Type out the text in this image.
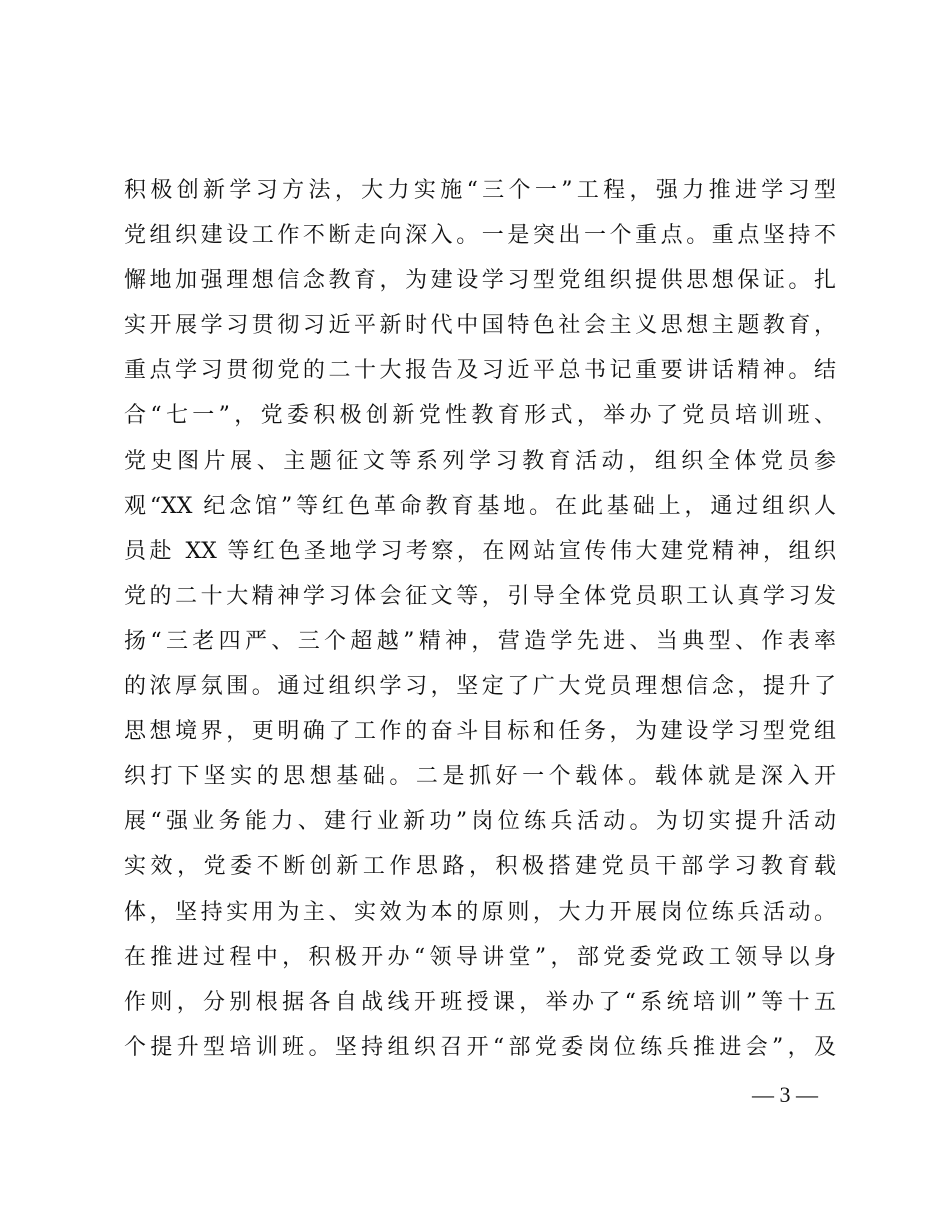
积极创新学习方法，大力实施“三个一”工程，强力推进学习型
党组织建设工作不断走向深入。一是突出一个重点。重点坚持不
懈地加强理想信念教育，为建设学习型党组织提供思想保证。扎
实开展学习贯彻习近平新时代中国特色社会主义思想主题教育，
重点学习贯彻党的二十大报告及习近平总书记重要讲话精神。结
合“七一”，党委积极创新党性教育形式，举办了党员培训班、
党史图片展、主题征文等系列学习教育活动，组织全体党员参
观“XX 纪念馆”等红色革命教育基地。在此基础上，通过组织人
员赴 XX 等红色圣地学习考察，在网站宣传伟大建党精神，组织
党的二十大精神学习体会征文等，引导全体党员职工认真学习发
扬“三老四严、三个超越”精神，营造学先进、当典型、作表率
的浓厚氛围。通过组织学习，坚定了广大党员理想信念，提升了
思想境界，更明确了工作的奋斗目标和任务，为建设学习型党组
织打下坚实的思想基础。二是抓好一个载体。载体就是深入开
展“强业务能力、建行业新功”岗位练兵活动。为切实提升活动
实效，党委不断创新工作思路，积极搭建党员干部学习教育载
体，坚持实用为主、实效为本的原则，大力开展岗位练兵活动。
在推进过程中，积极开办“领导讲堂”，部党委党政工领导以身
作则，分别根据各自战线开班授课，举办了“系统培训”等十五
个提升型培训班。坚持组织召开“部党委岗位练兵推进会”，及
— 3 —
